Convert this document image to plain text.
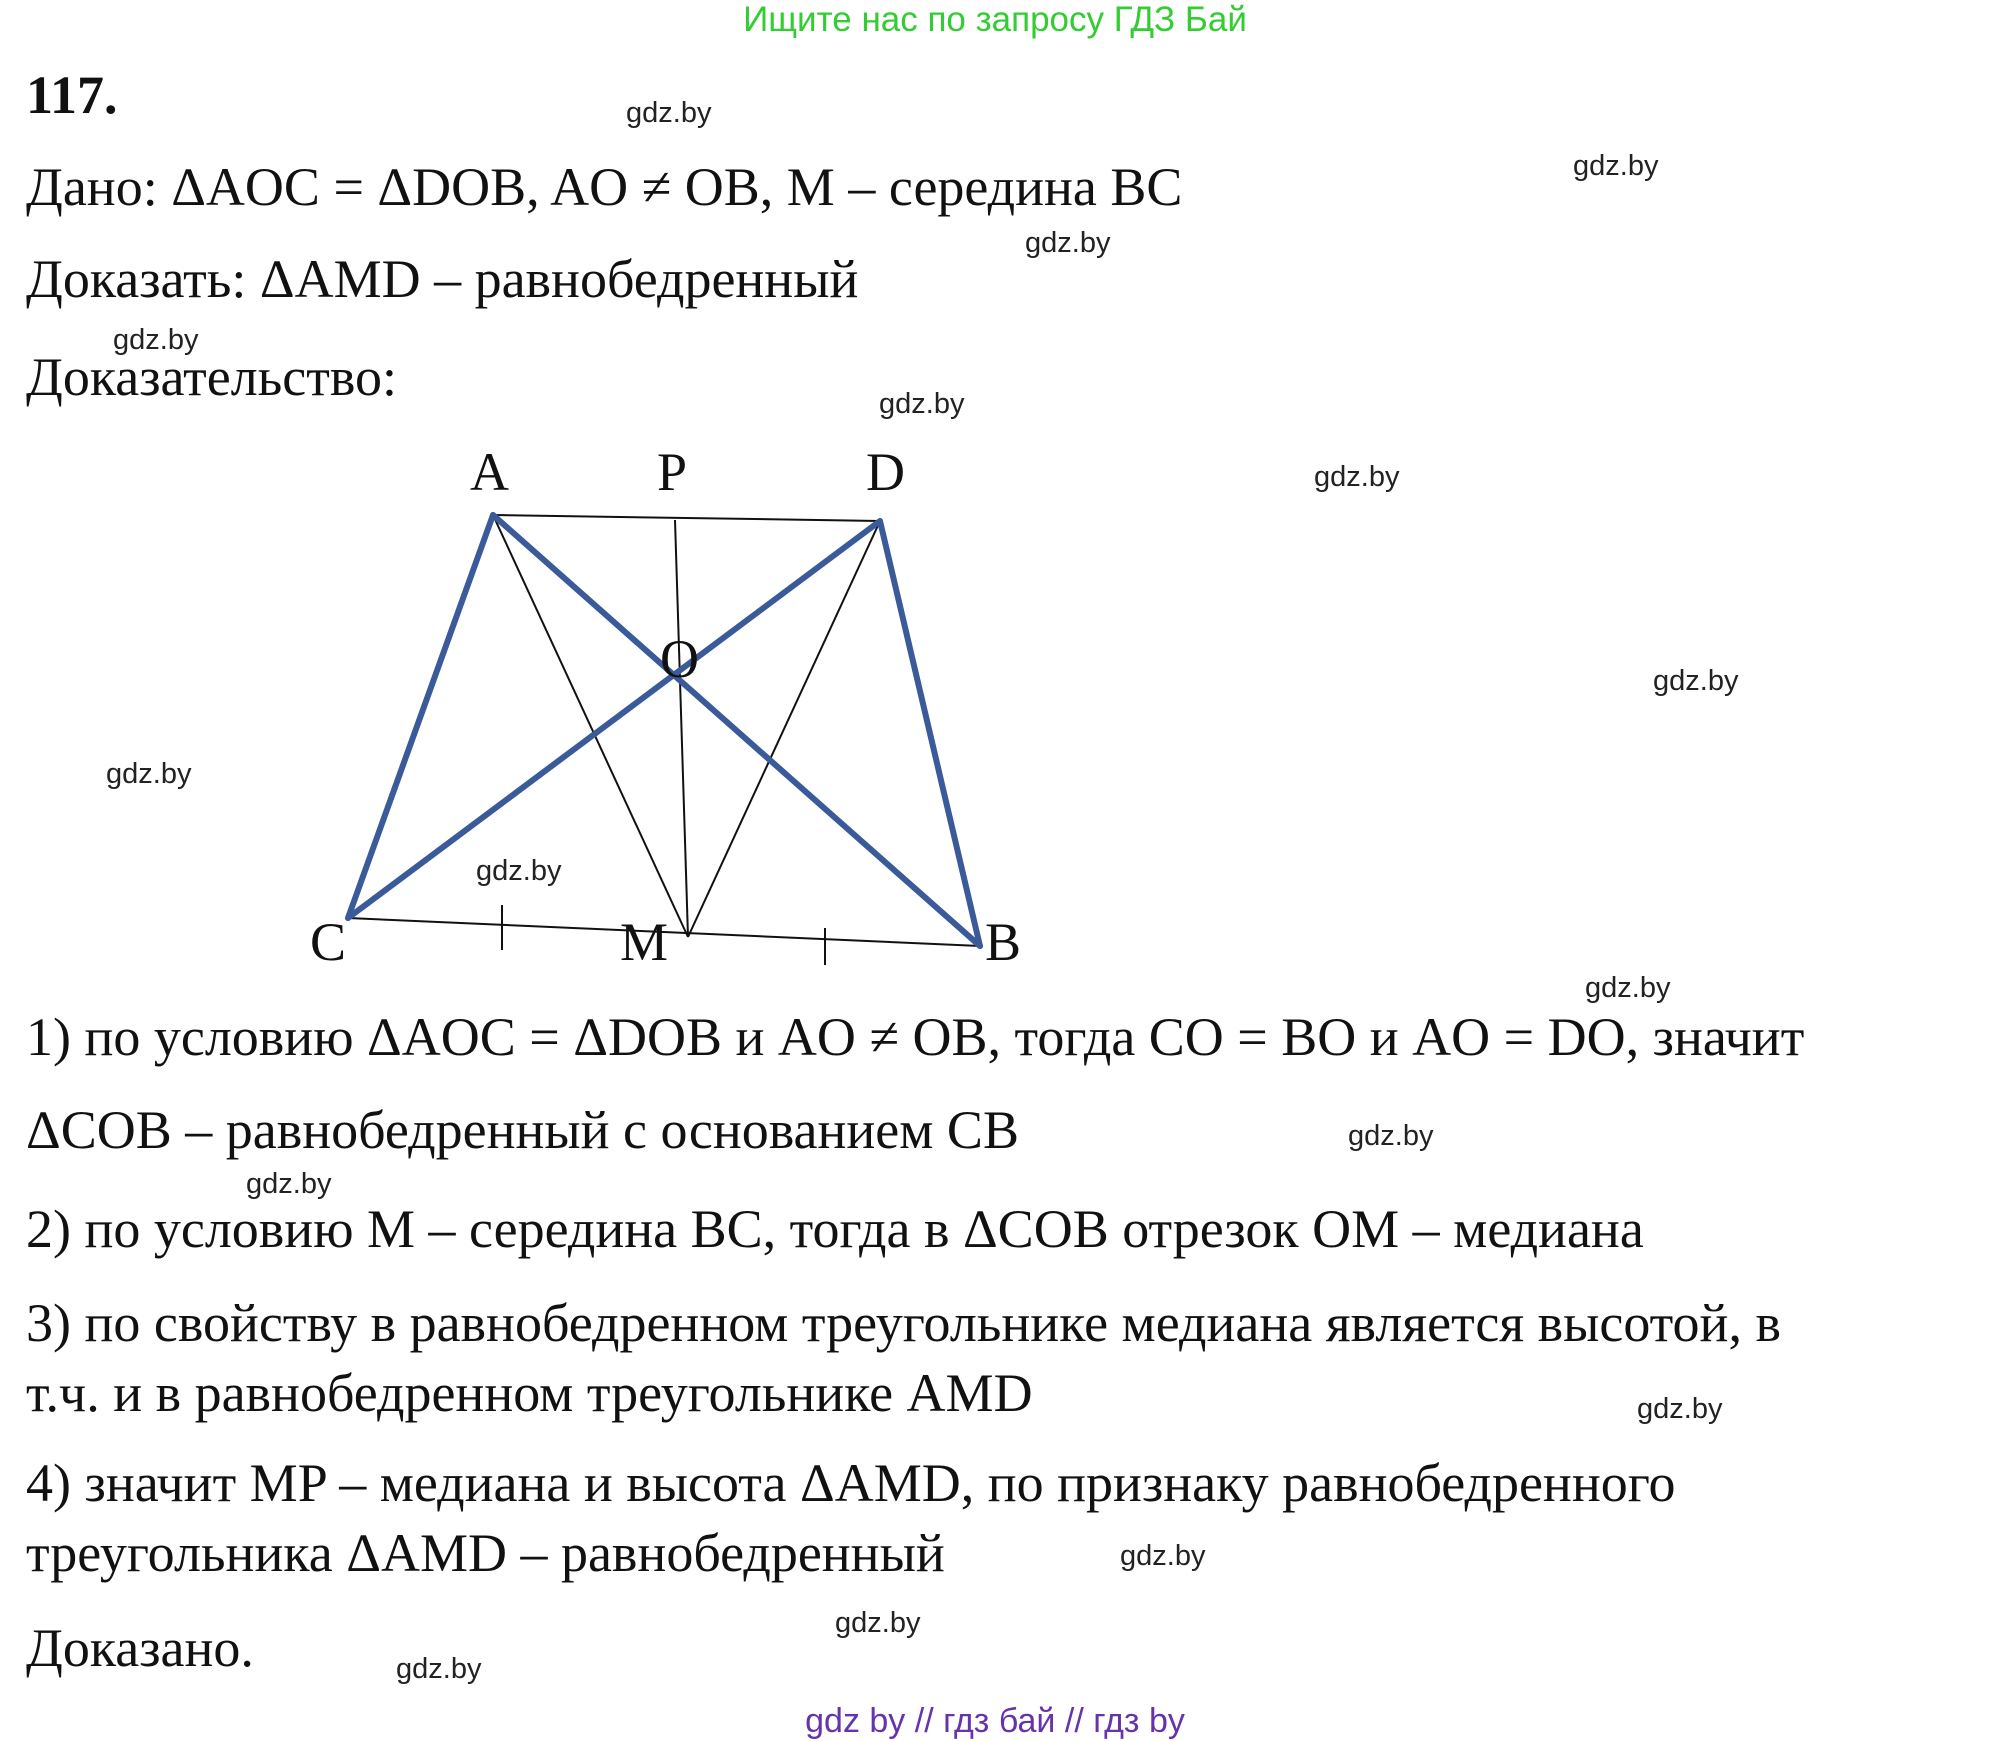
Ищите нас по запросу ГДЗ Бай
117.
Дано: ΔAOC = ΔDOB, AO ≠ OB, M – середина BC
Доказать: ΔAMD – равнобедренный
Доказательство:
A	P	D
O
C	M	B
1) по условию ΔAOC = ΔDOB и AO ≠ OB, тогда CO = BO и AO = DO, значит
ΔCOB – равнобедренный с основанием CB
2) по условию M – середина BC, тогда в ΔCOB отрезок OM – медиана
3) по свойству в равнобедренном треугольнике медиана является высотой, в
т.ч. и в равнобедренном треугольнике AMD
4) значит MP – медиана и высота ΔAMD, по признаку равнобедренного
треугольника ΔAMD – равнобедренный
Доказано.
gdz.by
gdz.by
gdz.by
gdz.by
gdz.by
gdz.by
gdz.by
gdz.by
gdz.by
gdz.by
gdz.by
gdz.by
gdz.by
gdz.by
gdz.by
gdz.by
gdz by // гдз бай // гдз by
